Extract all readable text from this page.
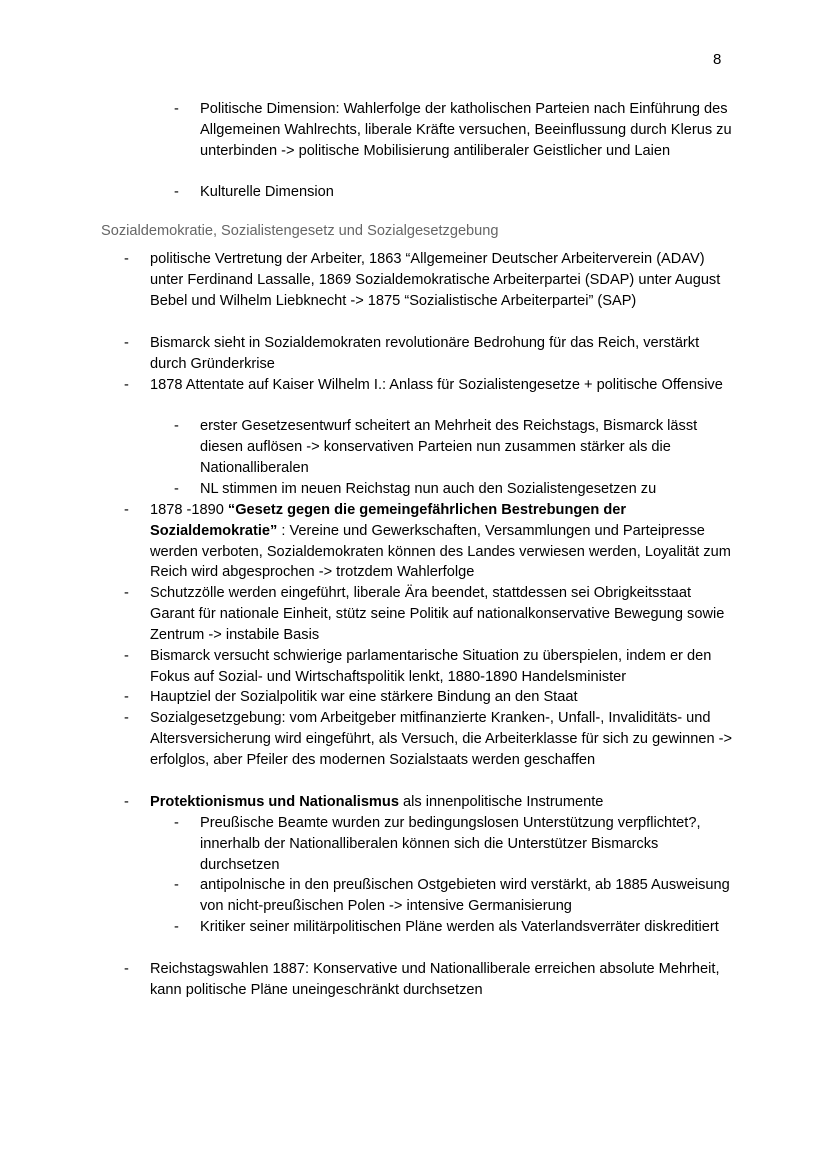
8
- Politische Dimension: Wahlerfolge der katholischen Parteien nach Einführung des Allgemeinen Wahlrechts, liberale Kräfte versuchen, Beeinflussung durch Klerus zu unterbinden -> politische Mobilisierung antiliberaler Geistlicher und Laien
- Kulturelle Dimension
Sozialdemokratie, Sozialistengesetz und Sozialgesetzgebung
- politische Vertretung der Arbeiter, 1863 “Allgemeiner Deutscher Arbeiterverein (ADAV) unter Ferdinand Lassalle, 1869 Sozialdemokratische Arbeiterpartei (SDAP) unter August Bebel und Wilhelm Liebknecht -> 1875 “Sozialistische Arbeiterpartei” (SAP)
- Bismarck sieht in Sozialdemokraten revolutionäre Bedrohung für das Reich, verstärkt durch Gründerkrise
- 1878 Attentate auf Kaiser Wilhelm I.: Anlass für Sozialistengesetze + politische Offensive
- erster Gesetzesentwurf scheitert an Mehrheit des Reichstags, Bismarck lässt diesen auflösen -> konservativen Parteien nun zusammen stärker als die Nationalliberalen
- NL stimmen im neuen Reichstag nun auch den Sozialistengesetzen zu
- 1878 -1890 “Gesetz gegen die gemeingefährlichen Bestrebungen der Sozialdemokratie” : Vereine und Gewerkschaften, Versammlungen und Parteipresse werden verboten, Sozialdemokraten können des Landes verwiesen werden, Loyalität zum Reich wird abgesprochen -> trotzdem Wahlerfolge
- Schutzzölle werden eingeführt, liberale Ära beendet, stattdessen sei Obrigkeitsstaat Garant für nationale Einheit, stütz seine Politik auf nationalkonservative Bewegung sowie Zentrum -> instabile Basis
- Bismarck versucht schwierige parlamentarische Situation zu überspielen, indem er den Fokus auf Sozial- und Wirtschaftspolitik lenkt, 1880-1890 Handelsminister
- Hauptziel der Sozialpolitik war eine stärkere Bindung an den Staat
- Sozialgesetzgebung: vom Arbeitgeber mitfinanzierte Kranken-, Unfall-, Invaliditäts- und Altersversicherung wird eingeführt, als Versuch, die Arbeiterklasse für sich zu gewinnen -> erfolglos, aber Pfeiler des modernen Sozialstaats werden geschaffen
- Protektionismus und Nationalismus als innenpolitische Instrumente
- Preußische Beamte wurden zur bedingungslosen Unterstützung verpflichtet?, innerhalb der Nationalliberalen können sich die Unterstützer Bismarcks durchsetzen
- antipolnische in den preußischen Ostgebieten wird verstärkt, ab 1885 Ausweisung von nicht-preußischen Polen -> intensive Germanisierung
- Kritiker seiner militärpolitischen Pläne werden als Vaterlandsverräter diskreditiert
- Reichstagswahlen 1887: Konservative und Nationalliberale erreichen absolute Mehrheit, kann politische Pläne uneingeschränkt durchsetzen
